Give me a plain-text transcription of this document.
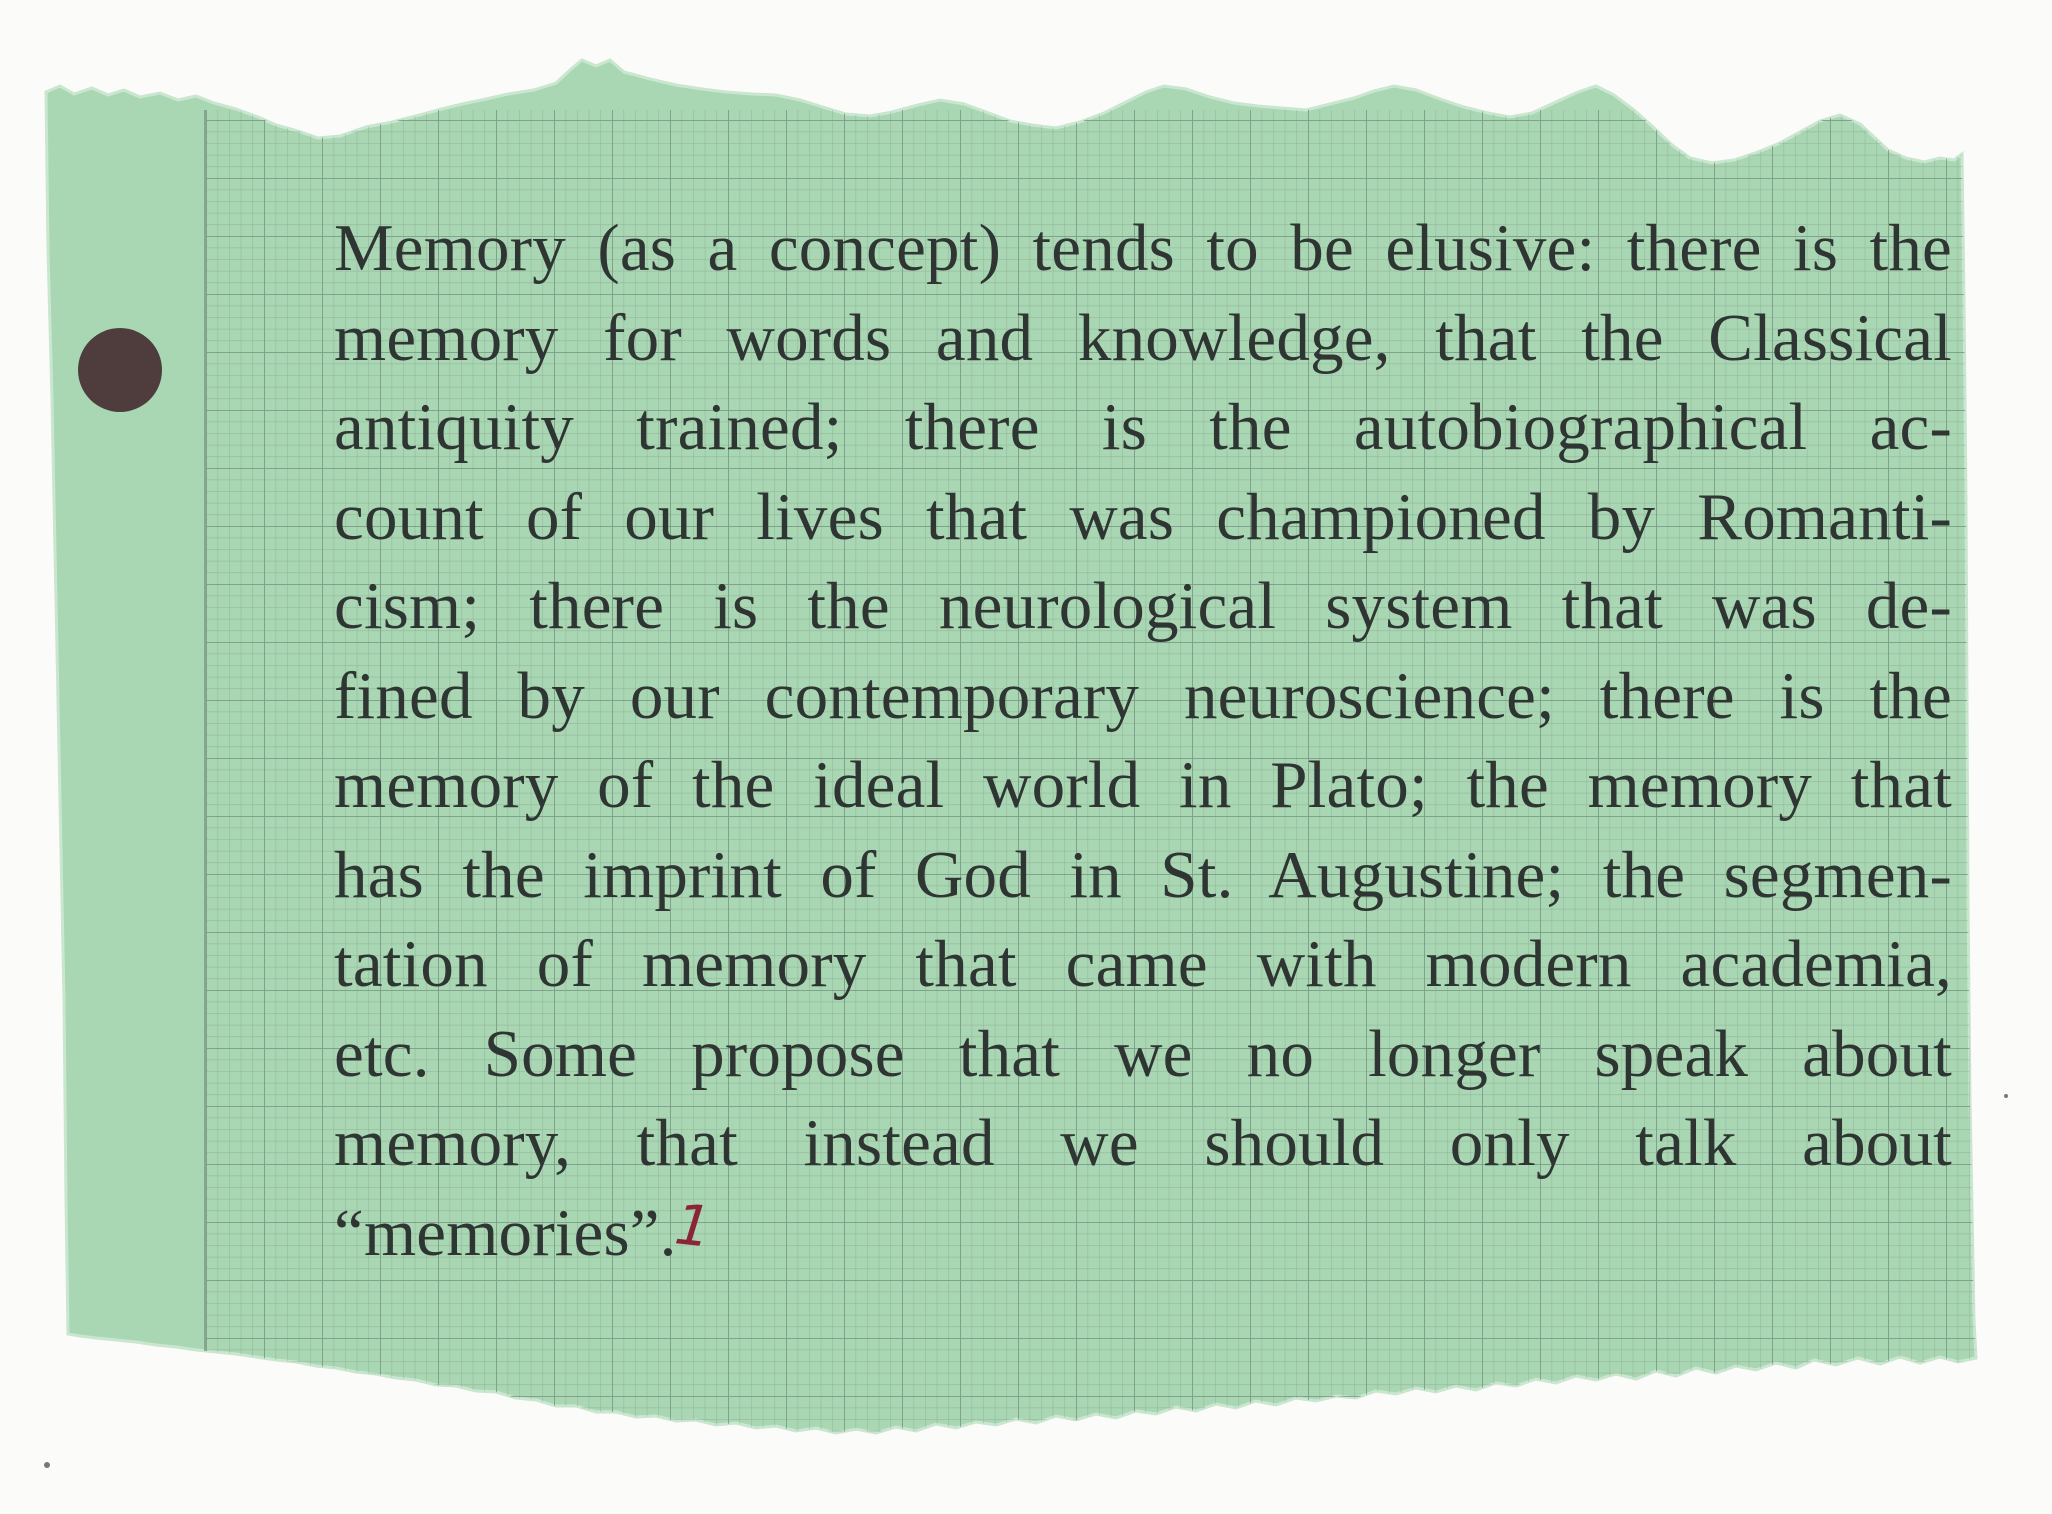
Memory (as a concept) tends to be elusive: there is the
memory for words and knowledge, that the Classical
antiquity trained; there is the autobiographical ac-
count of our lives that was championed by Romanti-
cism; there is the neurological system that was de-
fined by our contemporary neuroscience; there is the
memory of the ideal world in Plato; the memory that
has the imprint of God in St. Augustine; the segmen-
tation of memory that came with modern academia,
etc. Some propose that we no longer speak about
memory, that instead we should only talk about
“memories”.1
